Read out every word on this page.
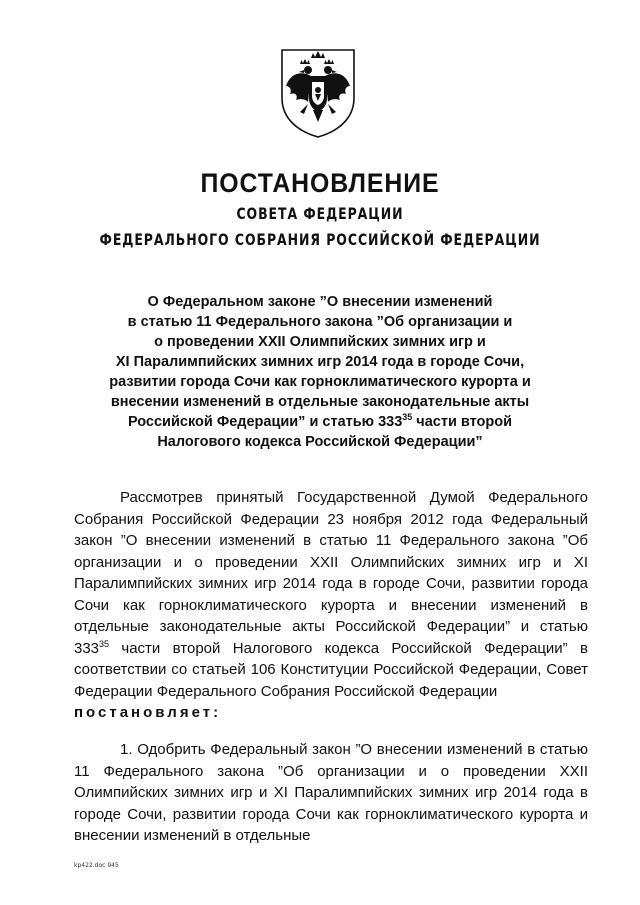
ПОСТАНОВЛЕНИЕ
СОВЕТА ФЕДЕРАЦИИ
ФЕДЕРАЛЬНОГО СОБРАНИЯ РОССИЙСКОЙ ФЕДЕРАЦИИ
О Федеральном законе ”О внесении изменений
в статью 11 Федерального закона ”Об организации и
о проведении XXII Олимпийских зимних игр и
XI Паралимпийских зимних игр 2014 года в городе Сочи,
развитии города Сочи как горноклиматического курорта и
внесении изменений в отдельные законодательные акты
Российской Федерации” и статью $333^{35}$ части второй
Налогового кодекса Российской Федерации”
Рассмотрев принятый Государственной Думой Федерального Собрания Российской Федерации 23 ноября 2012 года Федеральный закон ”О внесении изменений в статью 11 Федерального закона ”Об организации и о проведении XXII Олимпийских зимних игр и XI Паралимпийских зимних игр 2014 года в городе Сочи, развитии города Сочи как горноклиматического курорта и внесении изменений в отдельные законодательные акты Российской Федерации” и статью $333^{35}$ части второй Налогового кодекса Российской Федерации” в соответствии со статьей 106 Конституции Российской Федерации, Совет Федерации Федерального Собрания Российской Федерации
постановляет:
1. Одобрить Федеральный закон ”О внесении изменений в статью 11 Федерального закона ”Об организации и о проведении XXII Олимпийских зимних игр и XI Паралимпийских зимних игр 2014 года в городе Сочи, развитии города Сочи как горноклиматического курорта и внесении изменений в отдельные
kp422.doc 945
